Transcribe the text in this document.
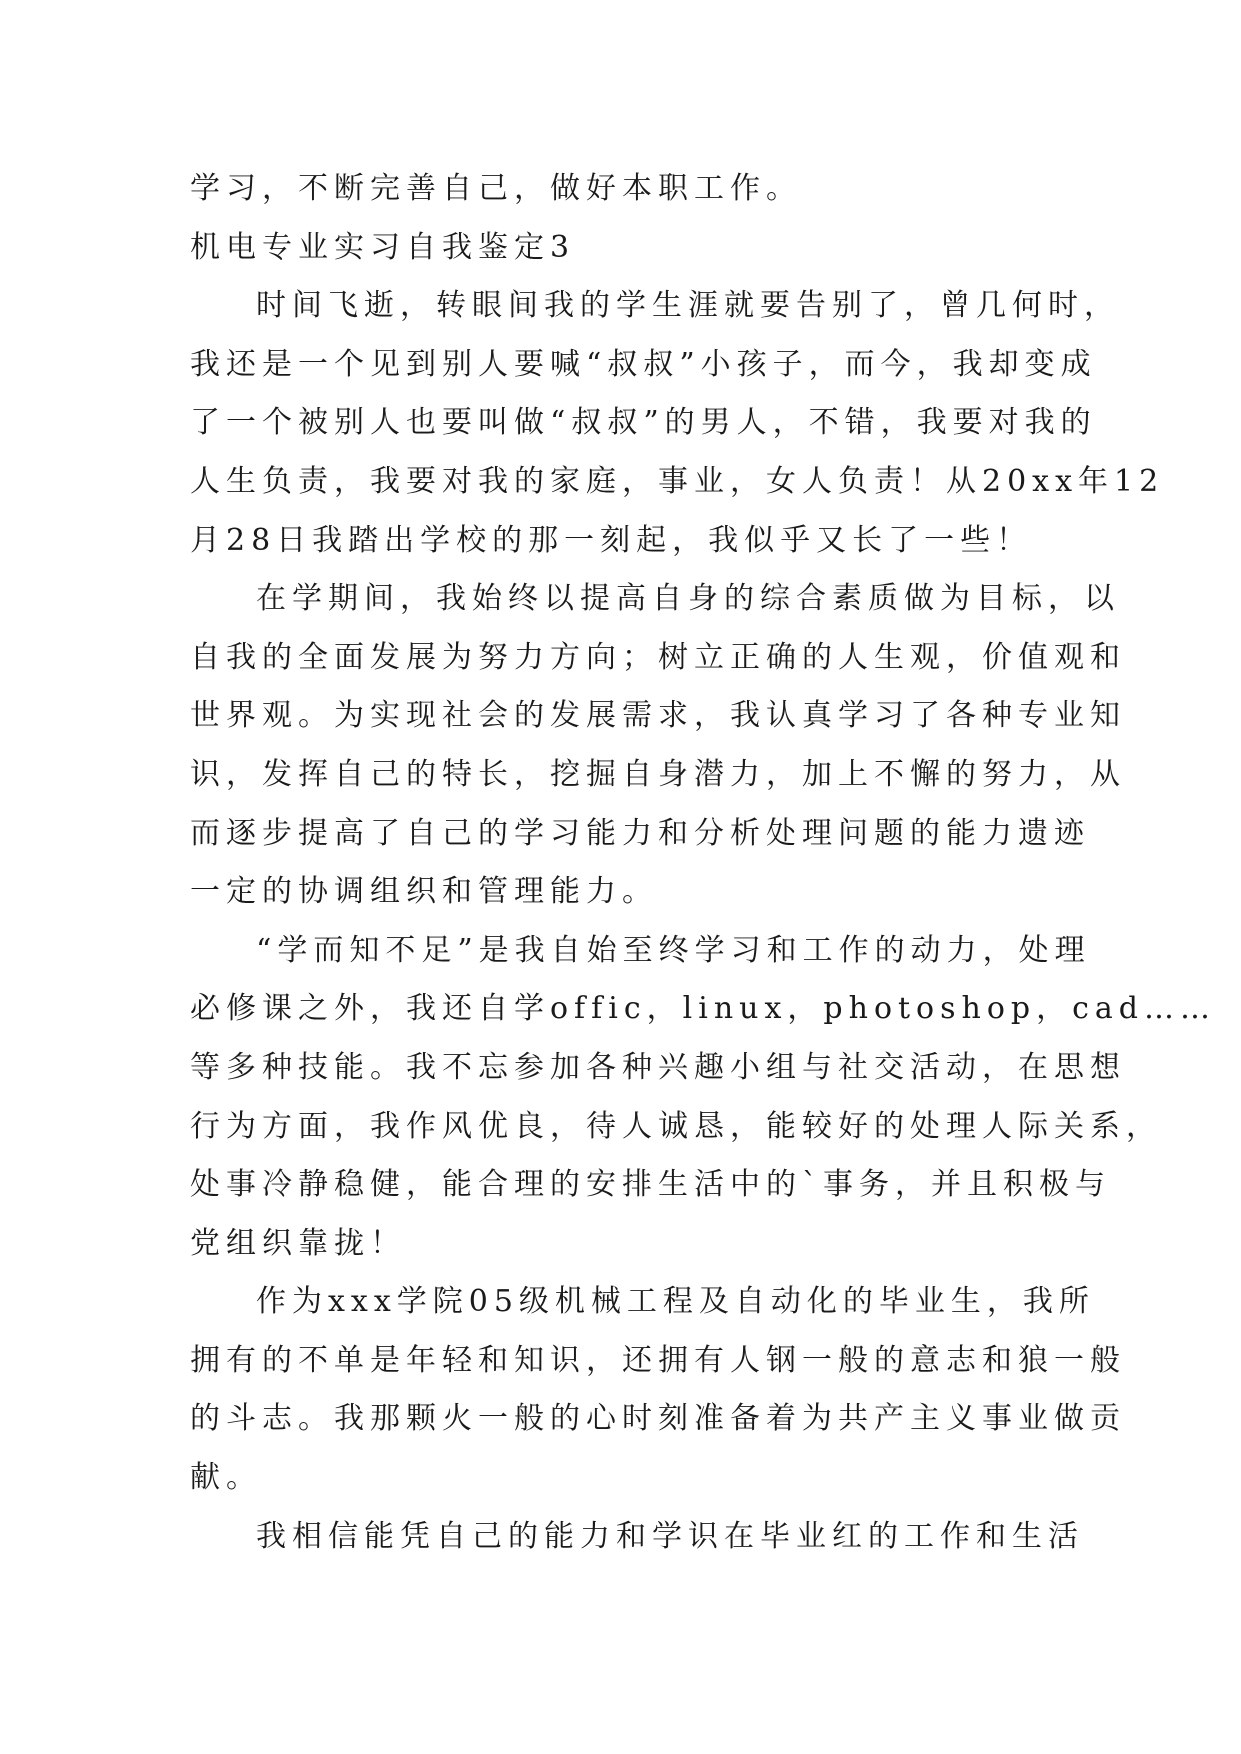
学习，不断完善自己，做好本职工作。
机电专业实习自我鉴定3
时间飞逝，转眼间我的学生涯就要告别了，曾几何时，
我还是一个见到别人要喊“叔叔”小孩子，而今，我却变成
了一个被别人也要叫做“叔叔”的男人，不错，我要对我的
人生负责，我要对我的家庭，事业，女人负责！从20xx年12
月28日我踏出学校的那一刻起，我似乎又长了一些！
在学期间，我始终以提高自身的综合素质做为目标，以
自我的全面发展为努力方向；树立正确的人生观，价值观和
世界观。为实现社会的发展需求，我认真学习了各种专业知
识，发挥自己的特长，挖掘自身潜力，加上不懈的努力，从
而逐步提高了自己的学习能力和分析处理问题的能力遗迹
一定的协调组织和管理能力。
“学而知不足”是我自始至终学习和工作的动力，处理
必修课之外，我还自学offic，linux，photoshop，cad……
等多种技能。我不忘参加各种兴趣小组与社交活动，在思想
行为方面，我作风优良，待人诚恳，能较好的处理人际关系，
处事冷静稳健，能合理的安排生活中的`事务，并且积极与
党组织靠拢！
作为xxx学院05级机械工程及自动化的毕业生，我所
拥有的不单是年轻和知识，还拥有人钢一般的意志和狼一般
的斗志。我那颗火一般的心时刻准备着为共产主义事业做贡
献。
我相信能凭自己的能力和学识在毕业红的工作和生活
